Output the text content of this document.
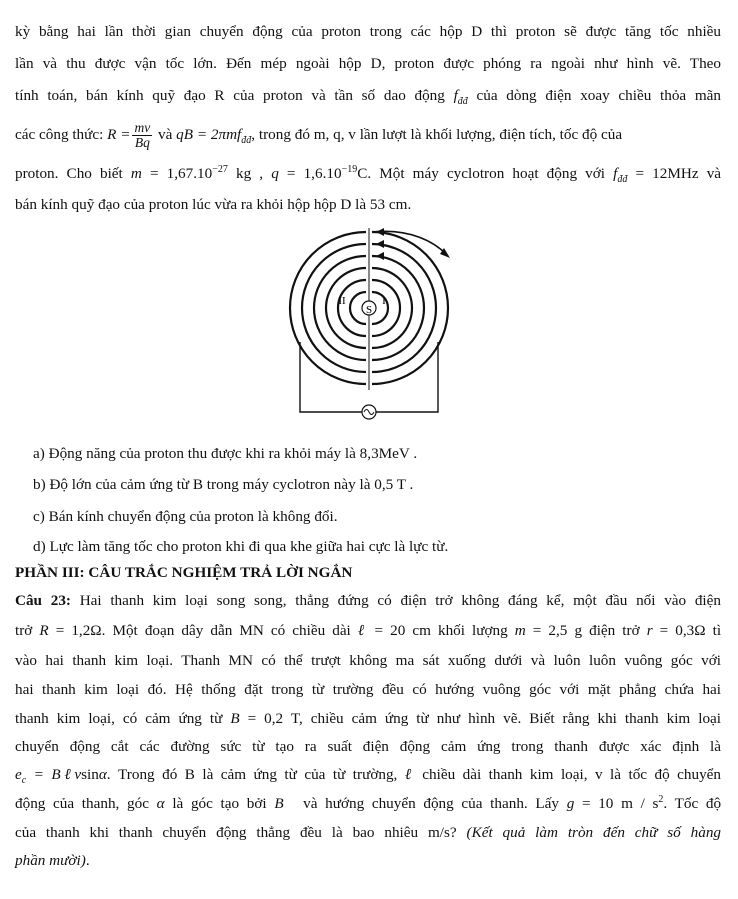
kỳ bằng hai lần thời gian chuyển động của proton trong các hộp D thì proton sẽ được tăng tốc nhiều
lần và thu được vận tốc lớn. Đến mép ngoài hộp D, proton được phóng ra ngoài như hình vẽ. Theo
tính toán, bán kính quỹ đạo R của proton và tần số dao động $f_{đđ}$ của dòng điện xoay chiều thỏa mãn
các công thức: $R = \frac{mv}{Bq}$ và qB = 2πmf$_{đđ}$, trong đó m, q, v lần lượt là khối lượng, điện tích, tốc độ của
proton. Cho biết $m = 1,67.10^{-27}$ kg , $q = 1,6.10^{-19}C$. Một máy cyclotron hoạt động với $f_{đđ} = 12MHz$ và
bán kính quỹ đạo của proton lúc vừa ra khỏi hộp hộp D là 53 cm.
S
II	I
a) Động năng của proton thu được khi ra khỏi máy là 8,3MeV .
b) Độ lớn của cảm ứng từ B trong máy cyclotron này là 0,5 T .
c) Bán kính chuyển động của proton là không đổi.
d) Lực làm tăng tốc cho proton khi đi qua khe giữa hai cực là lực từ.
PHẦN III: CÂU TRẮC NGHIỆM TRẢ LỜI NGẮN
Câu 23: Hai thanh kim loại song song, thẳng đứng có điện trở không đáng kể, một đầu nối vào điện
trở R = 1,2Ω. Một đoạn dây dẫn MN có chiều dài ℓ = 20 cm khối lượng m = 2,5 g điện trở r = 0,3Ω tì
vào hai thanh kim loại. Thanh MN có thể trượt không ma sát xuống dưới và luôn luôn vuông góc với
hai thanh kim loại đó. Hệ thống đặt trong từ trường đều có hướng vuông góc với mặt phẳng chứa hai
thanh kim loại, có cảm ứng từ B = 0,2 T, chiều cảm ứng từ như hình vẽ. Biết rằng khi thanh kim loại
chuyển động cắt các đường sức từ tạo ra suất điện động cảm ứng trong thanh được xác định là
$e_c$ = Bℓvsinα. Trong đó B là cảm ứng từ của từ trường, ℓ chiều dài thanh kim loại, v là tốc độ chuyển
động của thanh, góc α là góc tạo bởi B⃗ và hướng chuyển động của thanh. Lấy g = 10 m / $s^2$. Tốc độ
của thanh khi thanh chuyển động thẳng đều là bao nhiêu m/s? (Kết quả làm tròn đến chữ số hàng
phần mười).
